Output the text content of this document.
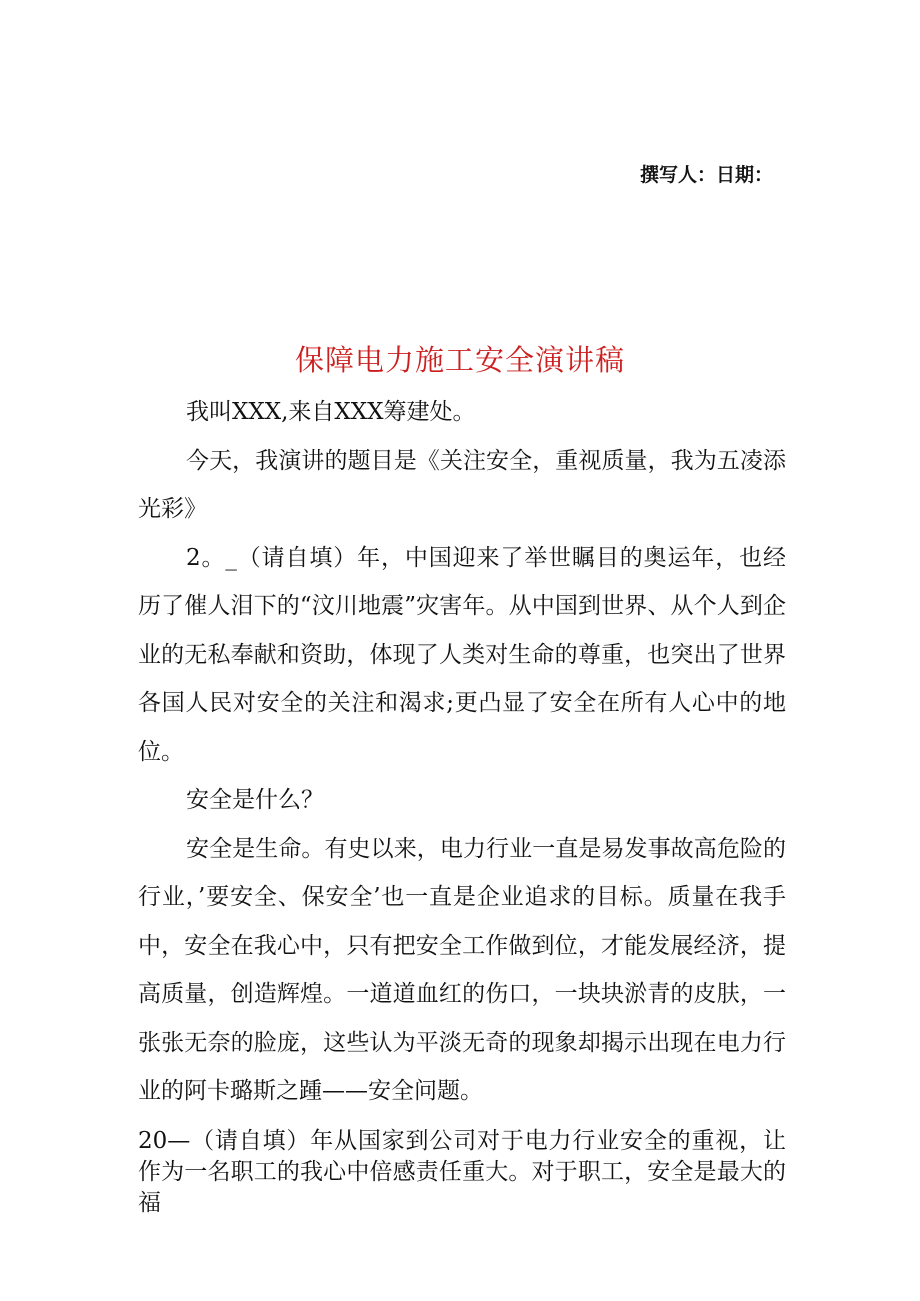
撰写人：日期：
保障电力施工安全演讲稿

我叫XXX,来自XXX筹建处。

今天，我演讲的题目是《关注安全，重视质量，我为五凌添光彩》

2。_（请自填）年，中国迎来了举世瞩目的奥运年，也经历了催人泪下的“汶川地震”灾害年。从中国到世界、从个人到企业的无私奉献和资助，体现了人类对生命的尊重，也突出了世界各国人民对安全的关注和渴求;更凸显了安全在所有人心中的地位。

安全是什么？

安全是生命。有史以来，电力行业一直是易发事故高危险的行业，’要安全、保安全’也一直是企业追求的目标。质量在我手中，安全在我心中，只有把安全工作做到位，才能发展经济，提高质量，创造辉煌。一道道血红的伤口，一块块淤青的皮肤，一张张无奈的脸庞，这些认为平淡无奇的现象却揭示出现在电力行业的阿卡璐斯之踵——安全问题。

20—（请自填）年从国家到公司对于电力行业安全的重视，让作为一名职工的我心中倍感责任重大。对于职工，安全是最大的福
